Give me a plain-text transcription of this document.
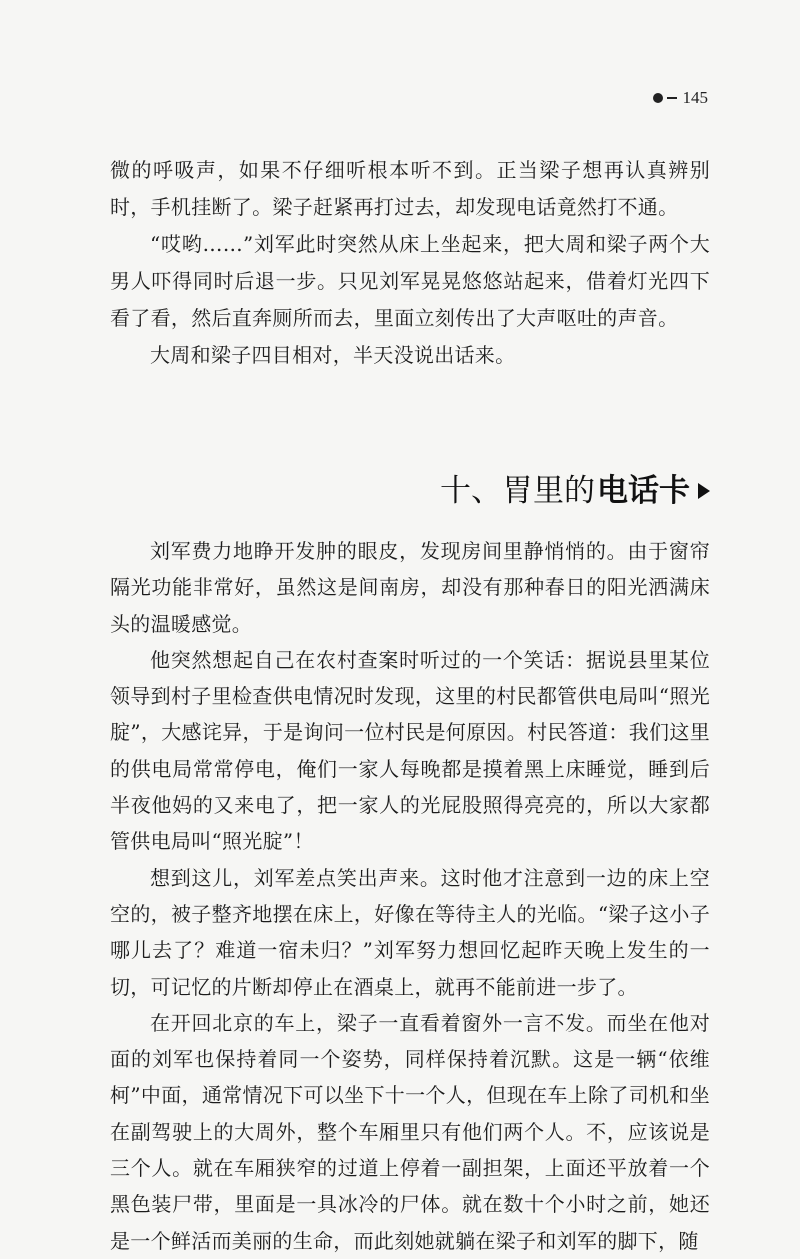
145

微的呼吸声，如果不仔细听根本听不到。正当梁子想再认真辨别时，手机挂断了。梁子赶紧再打过去，却发现电话竟然打不通。

“哎哟……”刘军此时突然从床上坐起来，把大周和梁子两个大男人吓得同时后退一步。只见刘军晃晃悠悠站起来，借着灯光四下看了看，然后直奔厕所而去，里面立刻传出了大声呕吐的声音。

大周和梁子四目相对，半天没说出话来。

十、胃里的 电话卡

刘军费力地睁开发肿的眼皮，发现房间里静悄悄的。由于窗帘隔光功能非常好，虽然这是间南房，却没有那种春日的阳光洒满床头的温暖感觉。

他突然想起自己在农村查案时听过的一个笑话：据说县里某位领导到村子里检查供电情况时发现，这里的村民都管供电局叫“照光腚”，大感诧异，于是询问一位村民是何原因。村民答道：我们这里的供电局常常停电，俺们一家人每晚都是摸着黑上床睡觉，睡到后半夜他妈的又来电了，把一家人的光屁股照得亮亮的，所以大家都管供电局叫“照光腚”！

想到这儿，刘军差点笑出声来。这时他才注意到一边的床上空空的，被子整齐地摆在床上，好像在等待主人的光临。“梁子这小子哪儿去了？难道一宿未归？”刘军努力想回忆起昨天晚上发生的一切，可记忆的片断却停止在酒桌上，就再不能前进一步了。

在开回北京的车上，梁子一直看着窗外一言不发。而坐在他对面的刘军也保持着同一个姿势，同样保持着沉默。这是一辆“依维柯”中面，通常情况下可以坐下十一个人，但现在车上除了司机和坐在副驾驶上的大周外，整个车厢里只有他们两个人。不，应该说是三个人。就在车厢狭窄的过道上停着一副担架，上面还平放着一个黑色装尸带，里面是一具冰冷的尸体。就在数十个小时之前，她还是一个鲜活而美丽的生命，而此刻她就躺在梁子和刘军的脚下，随
